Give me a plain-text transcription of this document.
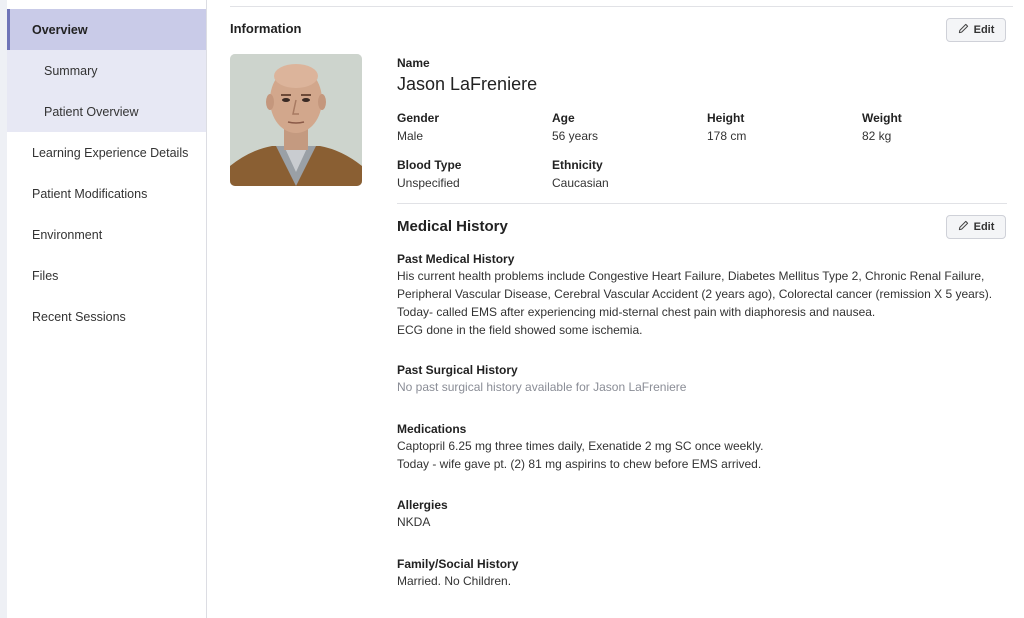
Overview
Summary
Patient Overview
Learning Experience Details
Patient Modifications
Environment
Files
Recent Sessions
Information	Edit
Name
Jason LaFreniere
Gender
Male
Age
56 years
Height
178 cm
Weight
82 kg
Blood Type
Unspecified
Ethnicity
Caucasian
Medical History	Edit
Past Medical History
His current health problems include Congestive Heart Failure, Diabetes Mellitus Type 2, Chronic Renal Failure,
Peripheral Vascular Disease, Cerebral Vascular Accident (2 years ago), Colorectal cancer (remission X 5 years).
Today- called EMS after experiencing mid-sternal chest pain with diaphoresis and nausea.
ECG done in the field showed some ischemia.
Past Surgical History
No past surgical history available for Jason LaFreniere
Medications
Captopril 6.25 mg three times daily, Exenatide 2 mg SC once weekly.
Today - wife gave pt. (2) 81 mg aspirins to chew before EMS arrived.
Allergies
NKDA
Family/Social History
Married. No Children.
